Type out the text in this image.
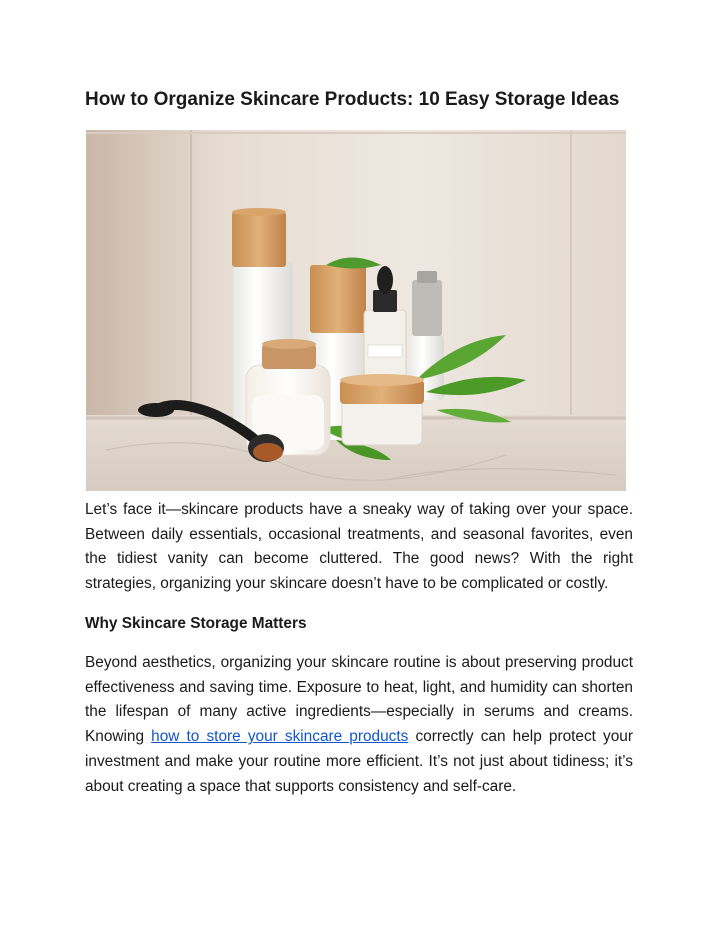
How to Organize Skincare Products: 10 Easy Storage Ideas

Let’s face it—skincare products have a sneaky way of taking over your space. Between daily essentials, occasional treatments, and seasonal favorites, even the tidiest vanity can become cluttered. The good news? With the right strategies, organizing your skincare doesn’t have to be complicated or costly.

Why Skincare Storage Matters

Beyond aesthetics, organizing your skincare routine is about preserving product effectiveness and saving time. Exposure to heat, light, and humidity can shorten the lifespan of many active ingredients—especially in serums and creams. Knowing how to store your skincare products correctly can help protect your investment and make your routine more efficient. It’s not just about tidiness; it’s about creating a space that supports consistency and self-care.
